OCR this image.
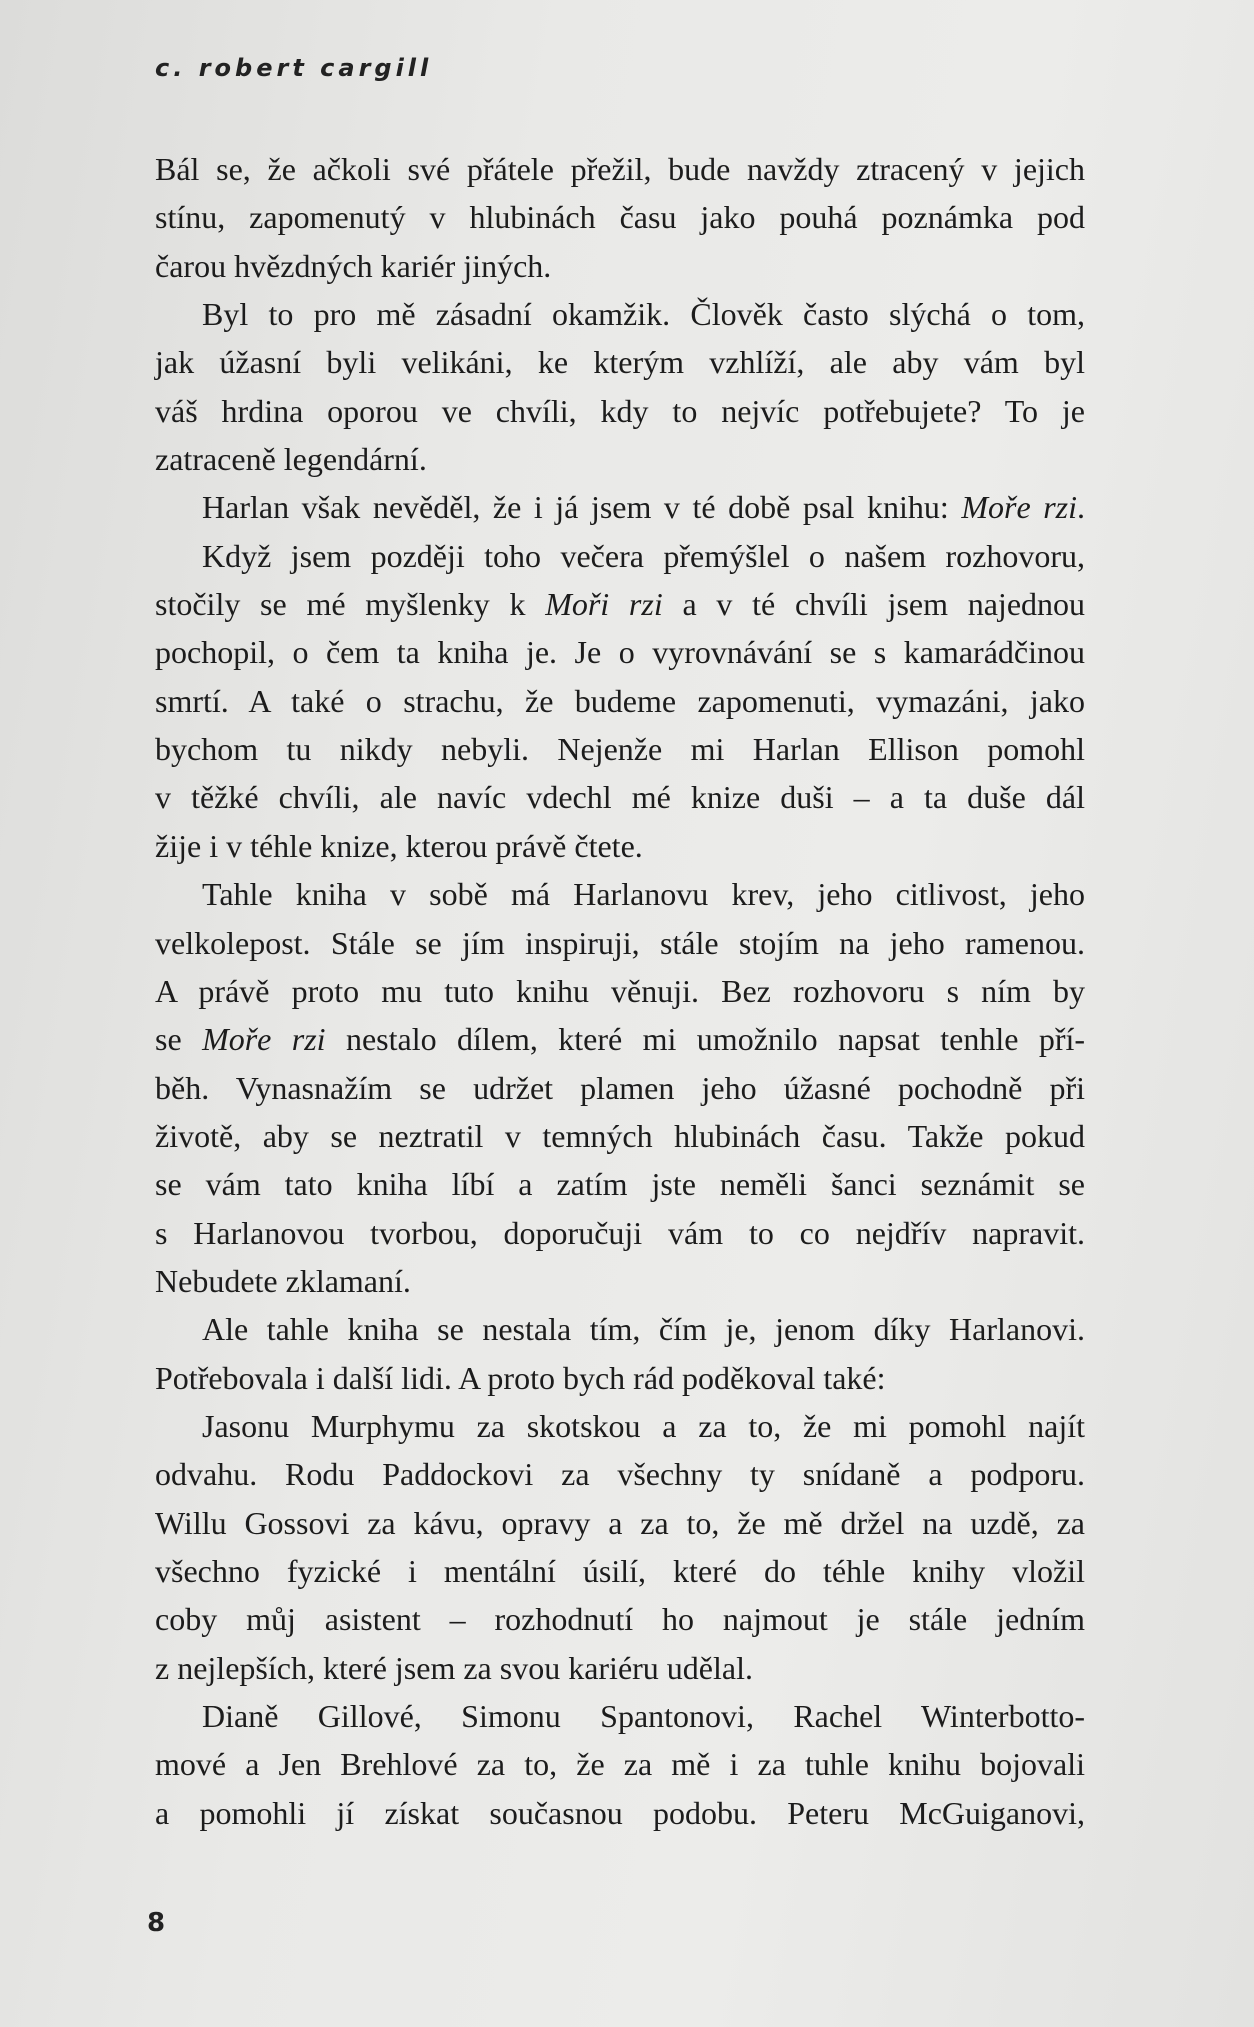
c. robert cargill
Bál se, že ačkoli své přátele přežil, bude navždy ztracený v jejich
stínu, zapomenutý v hlubinách času jako pouhá poznámka pod
čarou hvězdných kariér jiných.
Byl to pro mě zásadní okamžik. Člověk často slýchá o tom,
jak úžasní byli velikáni, ke kterým vzhlíží, ale aby vám byl
váš hrdina oporou ve chvíli, kdy to nejvíc potřebujete? To je
zatraceně legendární.
Harlan však nevěděl, že i já jsem v té době psal knihu: Moře rzi.
Když jsem později toho večera přemýšlel o našem rozhovoru,
stočily se mé myšlenky k Moři rzi a v té chvíli jsem najednou
pochopil, o čem ta kniha je. Je o vyrovnávání se s kamarádčinou
smrtí. A také o strachu, že budeme zapomenuti, vymazáni, jako
bychom tu nikdy nebyli. Nejenže mi Harlan Ellison pomohl
v těžké chvíli, ale navíc vdechl mé knize duši – a ta duše dál
žije i v téhle knize, kterou právě čtete.
Tahle kniha v sobě má Harlanovu krev, jeho citlivost, jeho
velkolepost. Stále se jím inspiruji, stále stojím na jeho ramenou.
A právě proto mu tuto knihu věnuji. Bez rozhovoru s ním by
se Moře rzi nestalo dílem, které mi umožnilo napsat tenhle pří-
běh. Vynasnažím se udržet plamen jeho úžasné pochodně při
životě, aby se neztratil v temných hlubinách času. Takže pokud
se vám tato kniha líbí a zatím jste neměli šanci seznámit se
s Harlanovou tvorbou, doporučuji vám to co nejdřív napravit.
Nebudete zklamaní.
Ale tahle kniha se nestala tím, čím je, jenom díky Harlanovi.
Potřebovala i další lidi. A proto bych rád poděkoval také:
Jasonu Murphymu za skotskou a za to, že mi pomohl najít
odvahu. Rodu Paddockovi za všechny ty snídaně a podporu.
Willu Gossovi za kávu, opravy a za to, že mě držel na uzdě, za
všechno fyzické i mentální úsilí, které do téhle knihy vložil
coby můj asistent – rozhodnutí ho najmout je stále jedním
z nejlepších, které jsem za svou kariéru udělal.
Dianě Gillové, Simonu Spantonovi, Rachel Winterbotto-
mové a Jen Brehlové za to, že za mě i za tuhle knihu bojovali
a pomohli jí získat současnou podobu. Peteru McGuiganovi,
8
